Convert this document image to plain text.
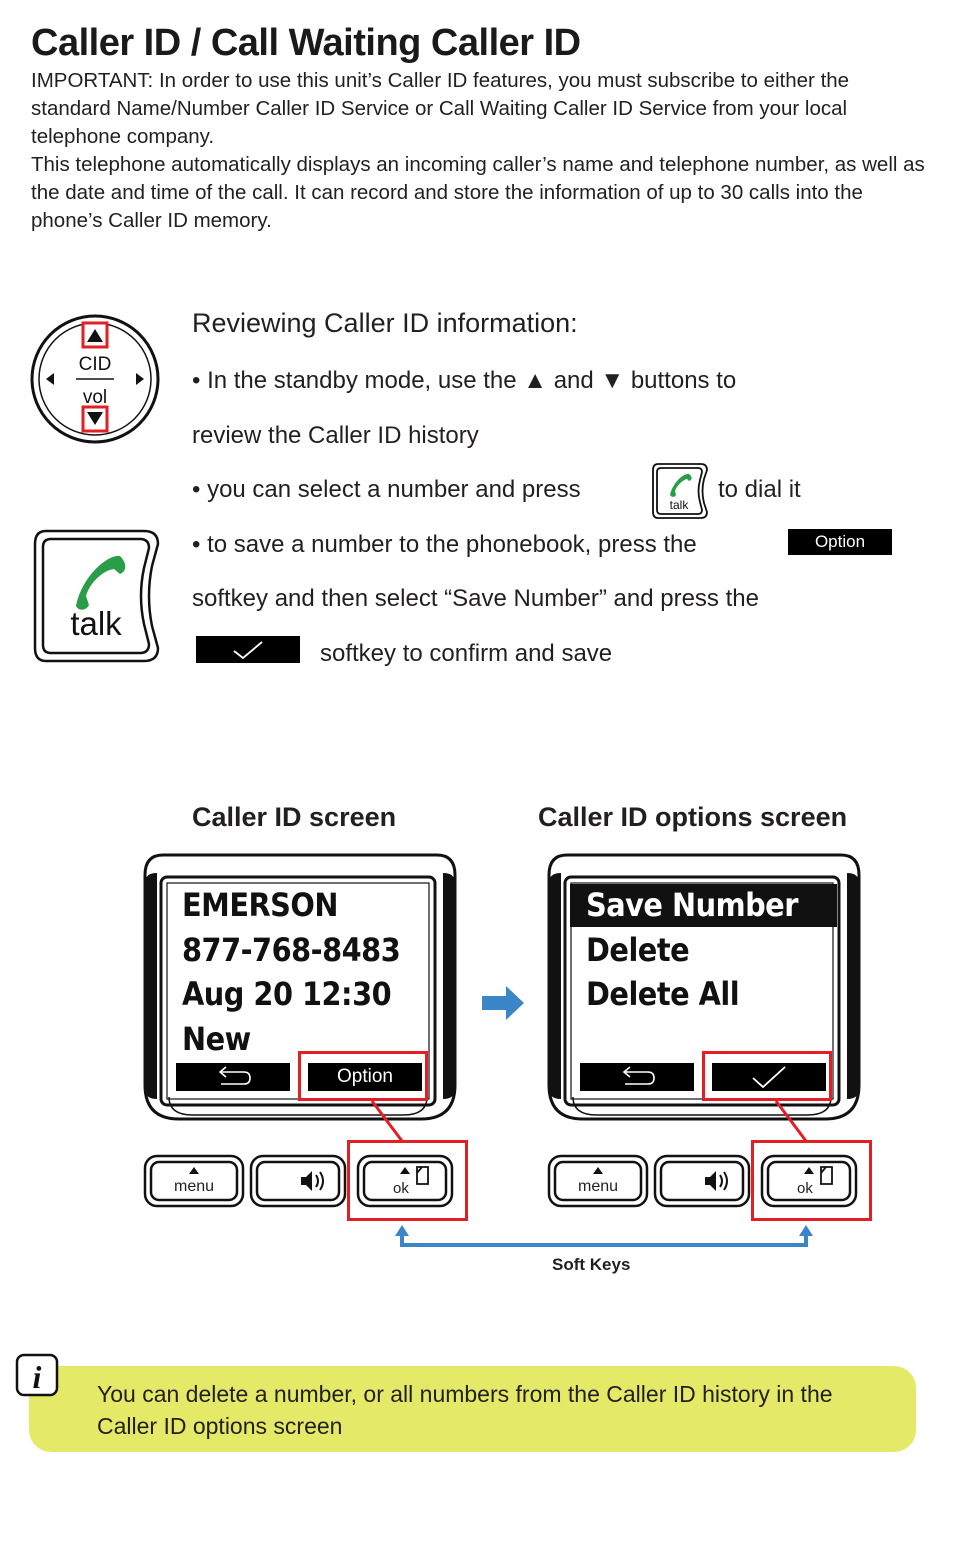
Caller ID / Call Waiting Caller ID

IMPORTANT: In order to use this unit’s Caller ID features, you must subscribe to either the standard Name/Number Caller ID Service or Call Waiting Caller ID Service from your local telephone company.

This telephone automatically displays an incoming caller’s name and telephone number, as well as the date and time of the call. It can record and store the information of up to 30 calls into the phone’s Caller ID memory.

CID
vol
talk
Reviewing Caller ID information:
• In the standby mode, use the ▲ and ▼ buttons to
review the Caller ID history
• you can select a number and press
talk
to dial it
• to save a number to the phonebook, press the	Option
softkey and then select “Save Number” and press the
softkey to confirm and save
Caller ID screen	Caller ID options screen
EMERSON
877-768-8483
Aug 20 12:30
New
Option
Save Number
Delete
Delete All
menu	ok	menu	ok
Soft Keys
i You can delete a number, or all numbers from the Caller ID history in the Caller ID options screen
